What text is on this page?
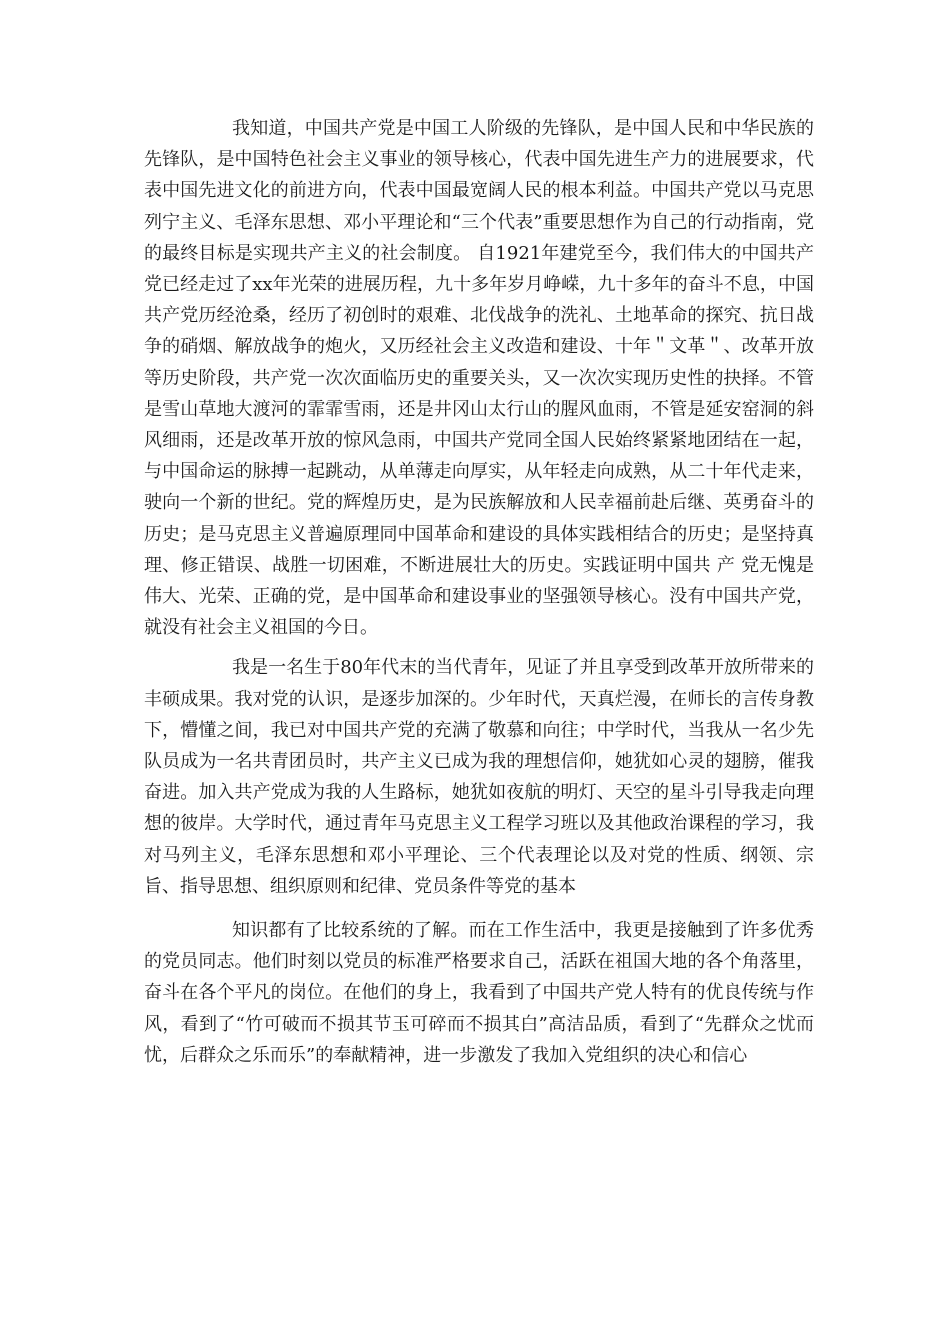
我知道，中国共产党是中国工人阶级的先锋队，是中国人民和中华民族的先锋队，是中国特色社会主义事业的领导核心，代表中国先进生产力的进展要求，代表中国先进文化的前进方向，代表中国最宽阔人民的根本利益。中国共产党以马克思列宁主义、毛泽东思想、邓小平理论和“三个代表”重要思想作为自己的行动指南，党的最终目标是实现共产主义的社会制度。 自1921年建党至今，我们伟大的中国共产党已经走过了xx年光荣的进展历程，九十多年岁月峥嵘，九十多年的奋斗不息，中国共产党历经沧桑，经历了初创时的艰难、北伐战争的洗礼、土地革命的探究、抗日战争的硝烟、解放战争的炮火，又历经社会主义改造和建设、十年＂文革＂、改革开放等历史阶段，共产党一次次面临历史的重要关头，又一次次实现历史性的抉择。不管是雪山草地大渡河的霏霏雪雨，还是井冈山太行山的腥风血雨，不管是延安窑洞的斜风细雨，还是改革开放的惊风急雨，中国共产党同全国人民始终紧紧地团结在一起，与中国命运的脉搏一起跳动，从单薄走向厚实，从年轻走向成熟，从二十年代走来，驶向一个新的世纪。党的辉煌历史，是为民族解放和人民幸福前赴后继、英勇奋斗的历史；是马克思主义普遍原理同中国革命和建设的具体实践相结合的历史；是坚持真理、修正错误、战胜一切困难，不断进展壮大的历史。实践证明中国共 产 党无愧是伟大、光荣、正确的党，是中国革命和建设事业的坚强领导核心。没有中国共产党，就没有社会主义祖国的今日。

我是一名生于80年代末的当代青年，见证了并且享受到改革开放所带来的丰硕成果。我对党的认识，是逐步加深的。少年时代，天真烂漫，在师长的言传身教下，懵懂之间，我已对中国共产党的充满了敬慕和向往；中学时代，当我从一名少先队员成为一名共青团员时，共产主义已成为我的理想信仰，她犹如心灵的翅膀，催我奋进。加入共产党成为我的人生路标，她犹如夜航的明灯、天空的星斗引导我走向理想的彼岸。大学时代，通过青年马克思主义工程学习班以及其他政治课程的学习，我对马列主义，毛泽东思想和邓小平理论、三个代表理论以及对党的性质、纲领、宗旨、指导思想、组织原则和纪律、党员条件等党的基本

知识都有了比较系统的了解。而在工作生活中，我更是接触到了许多优秀的党员同志。他们时刻以党员的标准严格要求自己，活跃在祖国大地的各个角落里，奋斗在各个平凡的岗位。在他们的身上，我看到了中国共产党人特有的优良传统与作风，看到了“竹可破而不损其节玉可碎而不损其白”高洁品质，看到了“先群众之忧而忧，后群众之乐而乐”的奉献精神，进一步激发了我加入党组织的决心和信心
